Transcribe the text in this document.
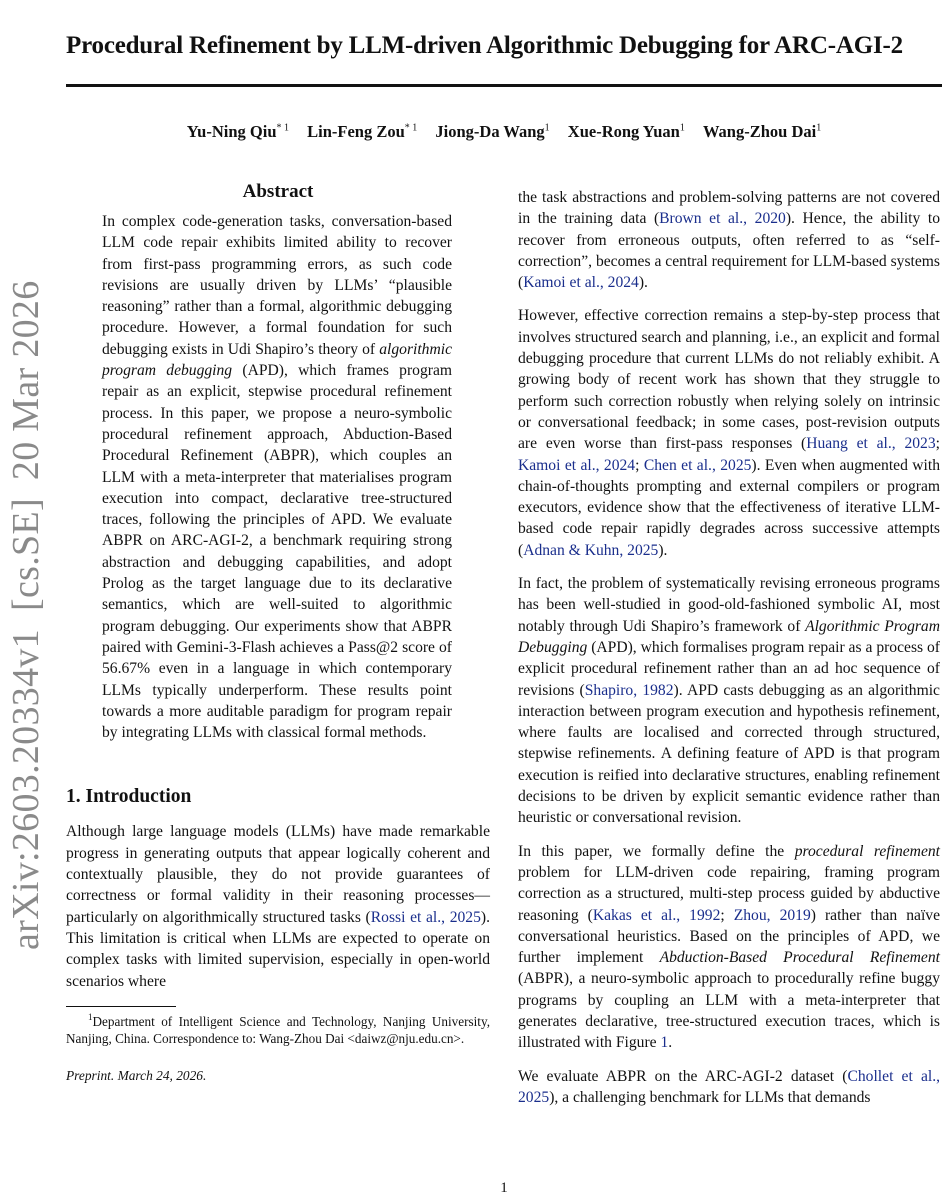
Procedural Refinement by LLM-driven Algorithmic Debugging for ARC-AGI-2
Yu-Ning Qiu$^{* 1}$ Lin-Feng Zou$^{* 1}$ Jiong-Da Wang$^1$ Xue-Rong Yuan$^1$ Wang-Zhou Dai$^1$
arXiv:2603.20334v1[cs.SE]20 Mar 2026
Abstract
In complex code-generation tasks, conversation-based LLM code repair exhibits limited ability to recover from first-pass programming errors, as such code revisions are usually driven by LLMs’ “plausible reasoning” rather than a formal, algorithmic debugging procedure. However, a formal foundation for such debugging exists in Udi Shapiro’s theory of algorithmic program debugging (APD), which frames program repair as an explicit, stepwise procedural refinement process. In this paper, we propose a neuro-symbolic procedural refinement approach, Abduction-Based Procedural Refinement (ABPR), which couples an LLM with a meta-interpreter that materialises program execution into compact, declarative tree-structured traces, following the principles of APD. We evaluate ABPR on ARC-AGI-2, a benchmark requiring strong abstraction and debugging capabilities, and adopt Prolog as the target language due to its declarative semantics, which are well-suited to algorithmic program debugging. Our experiments show that ABPR paired with Gemini-3-Flash achieves a Pass@2 score of 56.67% even in a language in which contemporary LLMs typically underperform. These results point towards a more auditable paradigm for program repair by integrating LLMs with classical formal methods.
1. Introduction

Although large language models (LLMs) have made remarkable progress in generating outputs that appear logically coherent and contextually plausible, they do not provide guarantees of correctness or formal validity in their reasoning processes—particularly on algorithmically structured tasks (Rossi et al., 2025). This limitation is critical when LLMs are expected to operate on complex tasks with limited supervision, especially in open-world scenarios where

$^1$Department of Intelligent Science and Technology, Nanjing University, Nanjing, China. Correspondence to: Wang-Zhou Dai <daiwz@nju.edu.cn>.
Preprint. March 24, 2026.

the task abstractions and problem-solving patterns are not covered in the training data (Brown et al., 2020). Hence, the ability to recover from erroneous outputs, often referred to as “self-correction”, becomes a central requirement for LLM-based systems (Kamoi et al., 2024).

However, effective correction remains a step-by-step process that involves structured search and planning, i.e., an explicit and formal debugging procedure that current LLMs do not reliably exhibit. A growing body of recent work has shown that they struggle to perform such correction robustly when relying solely on intrinsic or conversational feedback; in some cases, post-revision outputs are even worse than first-pass responses (Huang et al., 2023; Kamoi et al., 2024; Chen et al., 2025). Even when augmented with chain-of-thoughts prompting and external compilers or program executors, evidence show that the effectiveness of iterative LLM-based code repair rapidly degrades across successive attempts (Adnan & Kuhn, 2025).

In fact, the problem of systematically revising erroneous programs has been well-studied in good-old-fashioned symbolic AI, most notably through Udi Shapiro’s framework of Algorithmic Program Debugging (APD), which formalises program repair as a process of explicit procedural refinement rather than an ad hoc sequence of revisions (Shapiro, 1982). APD casts debugging as an algorithmic interaction between program execution and hypothesis refinement, where faults are localised and corrected through structured, stepwise refinements. A defining feature of APD is that program execution is reified into declarative structures, enabling refinement decisions to be driven by explicit semantic evidence rather than heuristic or conversational revision.

In this paper, we formally define the procedural refinement problem for LLM-driven code repairing, framing program correction as a structured, multi-step process guided by abductive reasoning (Kakas et al., 1992; Zhou, 2019) rather than naïve conversational heuristics. Based on the principles of APD, we further implement Abduction-Based Procedural Refinement (ABPR), a neuro-symbolic approach to procedurally refine buggy programs by coupling an LLM with a meta-interpreter that generates declarative, tree-structured execution traces, which is illustrated with Figure 1.

We evaluate ABPR on the ARC-AGI-2 dataset (Chollet et al., 2025), a challenging benchmark for LLMs that demands

1
